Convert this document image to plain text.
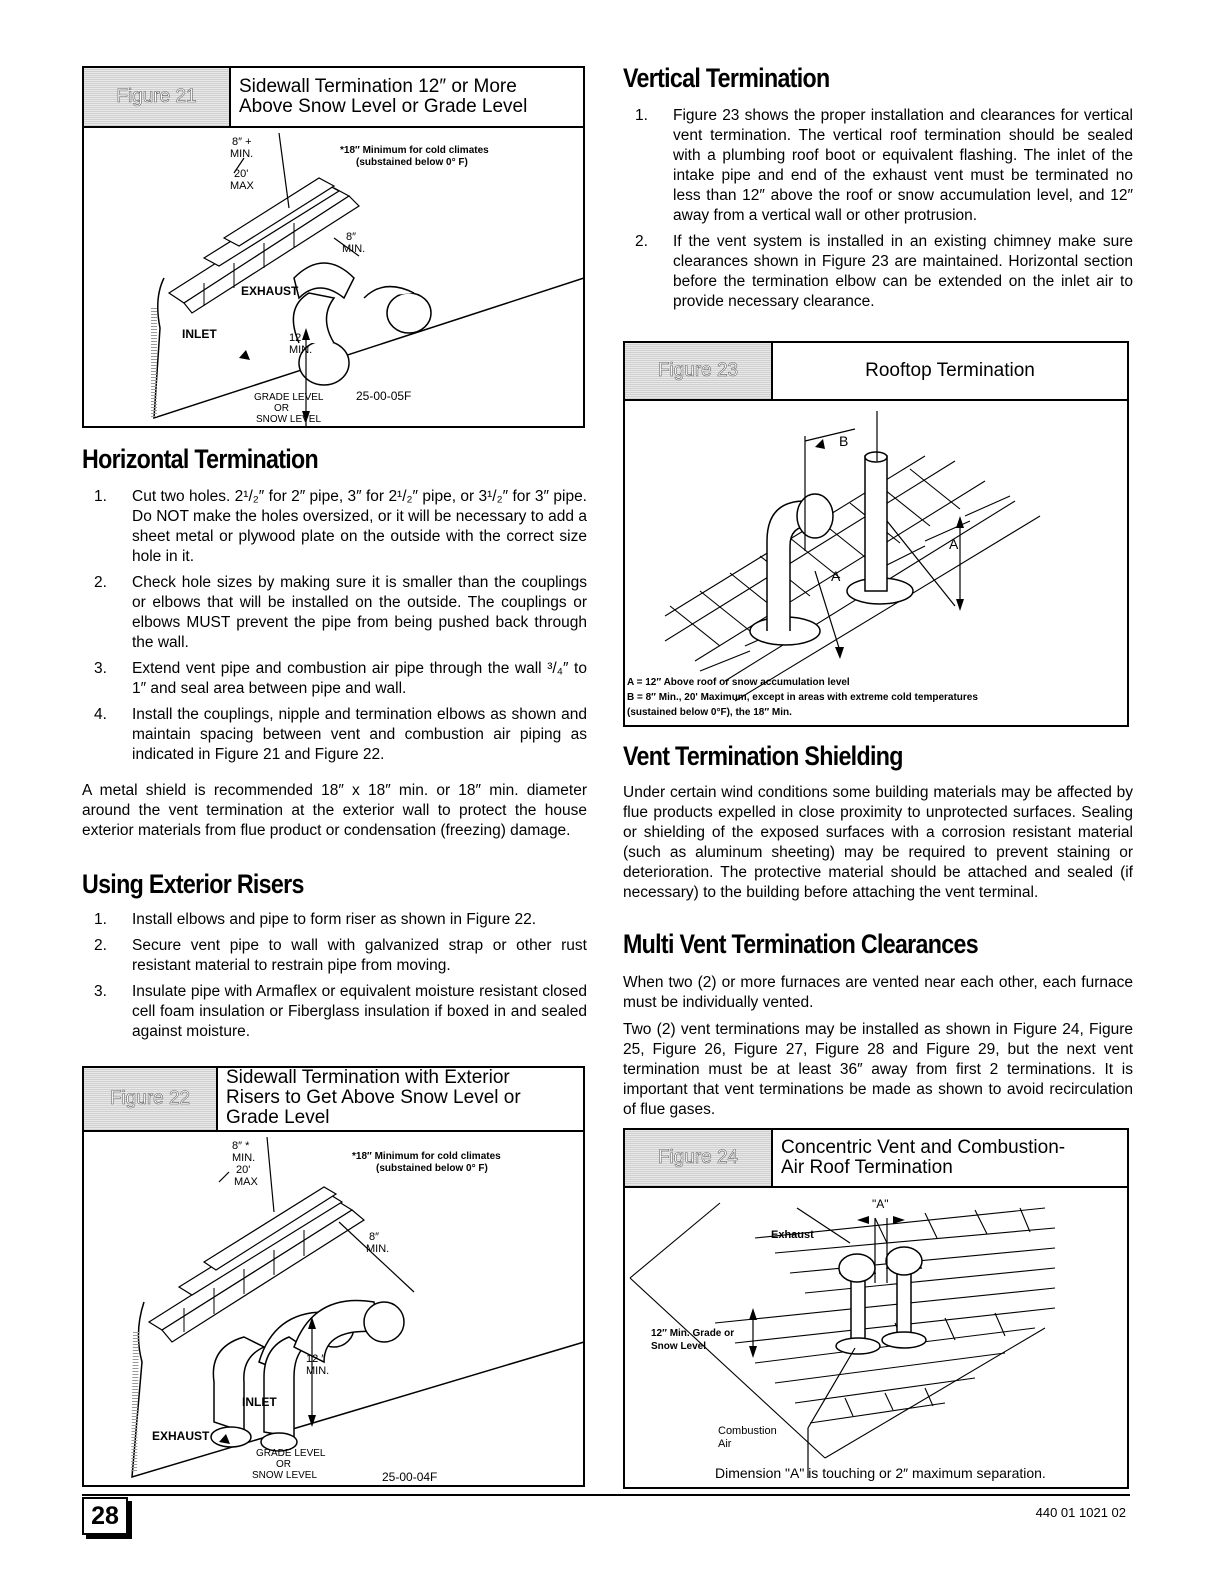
Figure 21	Sidewall Termination 12″ or More
Above Snow Level or Grade Level
8″ +
MIN.
20'
MAX
*18″ Minimum for cold climates
(substained below 0° F)
8″
MIN.
EXHAUST
INLET	12 ″
MIN.
GRADE LEVEL
OR
SNOW LEVEL
25-00-05F
Horizontal Termination
1. Cut two holes. 2¹/₂″ for 2″ pipe, 3″ for 2¹/₂″ pipe, or 3¹/₂″ for 3″ pipe. Do NOT make the holes oversized, or it will be necessary to add a sheet metal or plywood plate on the outside with the correct size hole in it.
2. Check hole sizes by making sure it is smaller than the couplings or elbows that will be installed on the outside. The couplings or elbows MUST prevent the pipe from being pushed back through the wall.
3. Extend vent pipe and combustion air pipe through the wall ³/₄″ to 1″ and seal area between pipe and wall.
4. Install the couplings, nipple and termination elbows as shown and maintain spacing between vent and combustion air piping as indicated in Figure 21 and Figure 22.

A metal shield is recommended 18″ x 18″ min. or 18″ min. diameter around the vent termination at the exterior wall to protect the house exterior materials from flue product or condensation (freezing) damage.

Using Exterior Risers
1. Install elbows and pipe to form riser as shown in Figure 22.
2. Secure vent pipe to wall with galvanized strap or other rust resistant material to restrain pipe from moving.
3. Insulate pipe with Armaflex or equivalent moisture resistant closed cell foam insulation or Fiberglass insulation if boxed in and sealed against moisture.
Figure 22
Sidewall Termination with Exterior
Risers to Get Above Snow Level or
Grade Level
8″ *
MIN.
20'
MAX
*18″ Minimum for cold climates
(substained below 0° F)
8″
MIN.
12 ″
MIN.
INLET
EXHAUST
GRADE LEVEL
OR
SNOW LEVEL	25-00-04F
Vertical Termination
1. Figure 23 shows the proper installation and clearances for vertical vent termination. The vertical roof termination should be sealed with a plumbing roof boot or equivalent flashing. The inlet of the intake pipe and end of the exhaust vent must be terminated no less than 12″ above the roof or snow accumulation level, and 12″ away from a vertical wall or other protrusion.
2. If the vent system is installed in an existing chimney make sure clearances shown in Figure 23 are maintained. Horizontal section before the termination elbow can be extended on the inlet air to provide necessary clearance.
Figure 23	Rooftop Termination
B
A
A
A = 12″ Above roof or snow accumulation level
B = 8″ Min., 20' Maximum, except in areas with extreme cold temperatures
(sustained below 0°F), the 18″ Min.
Vent Termination Shielding

Under certain wind conditions some building materials may be affected by flue products expelled in close proximity to unprotected surfaces. Sealing or shielding of the exposed surfaces with a corrosion resistant material (such as aluminum sheeting) may be required to prevent staining or deterioration. The protective material should be attached and sealed (if necessary) to the building before attaching the vent terminal.

Multi Vent Termination Clearances

When two (2) or more furnaces are vented near each other, each furnace must be individually vented.

Two (2) vent terminations may be installed as shown in Figure 24, Figure 25, Figure 26, Figure 27, Figure 28 and Figure 29, but the next vent termination must be at least 36″ away from first 2 terminations. It is important that vent terminations be made as shown to avoid recirculation of flue gases.

Figure 24	Concentric Vent and Combustion-
Air Roof Termination
"A"
Exhaust
12″ Min. Grade or
Snow Level
Combustion
Air
Dimension "A" is touching or 2″ maximum separation.
28	440 01 1021 02
